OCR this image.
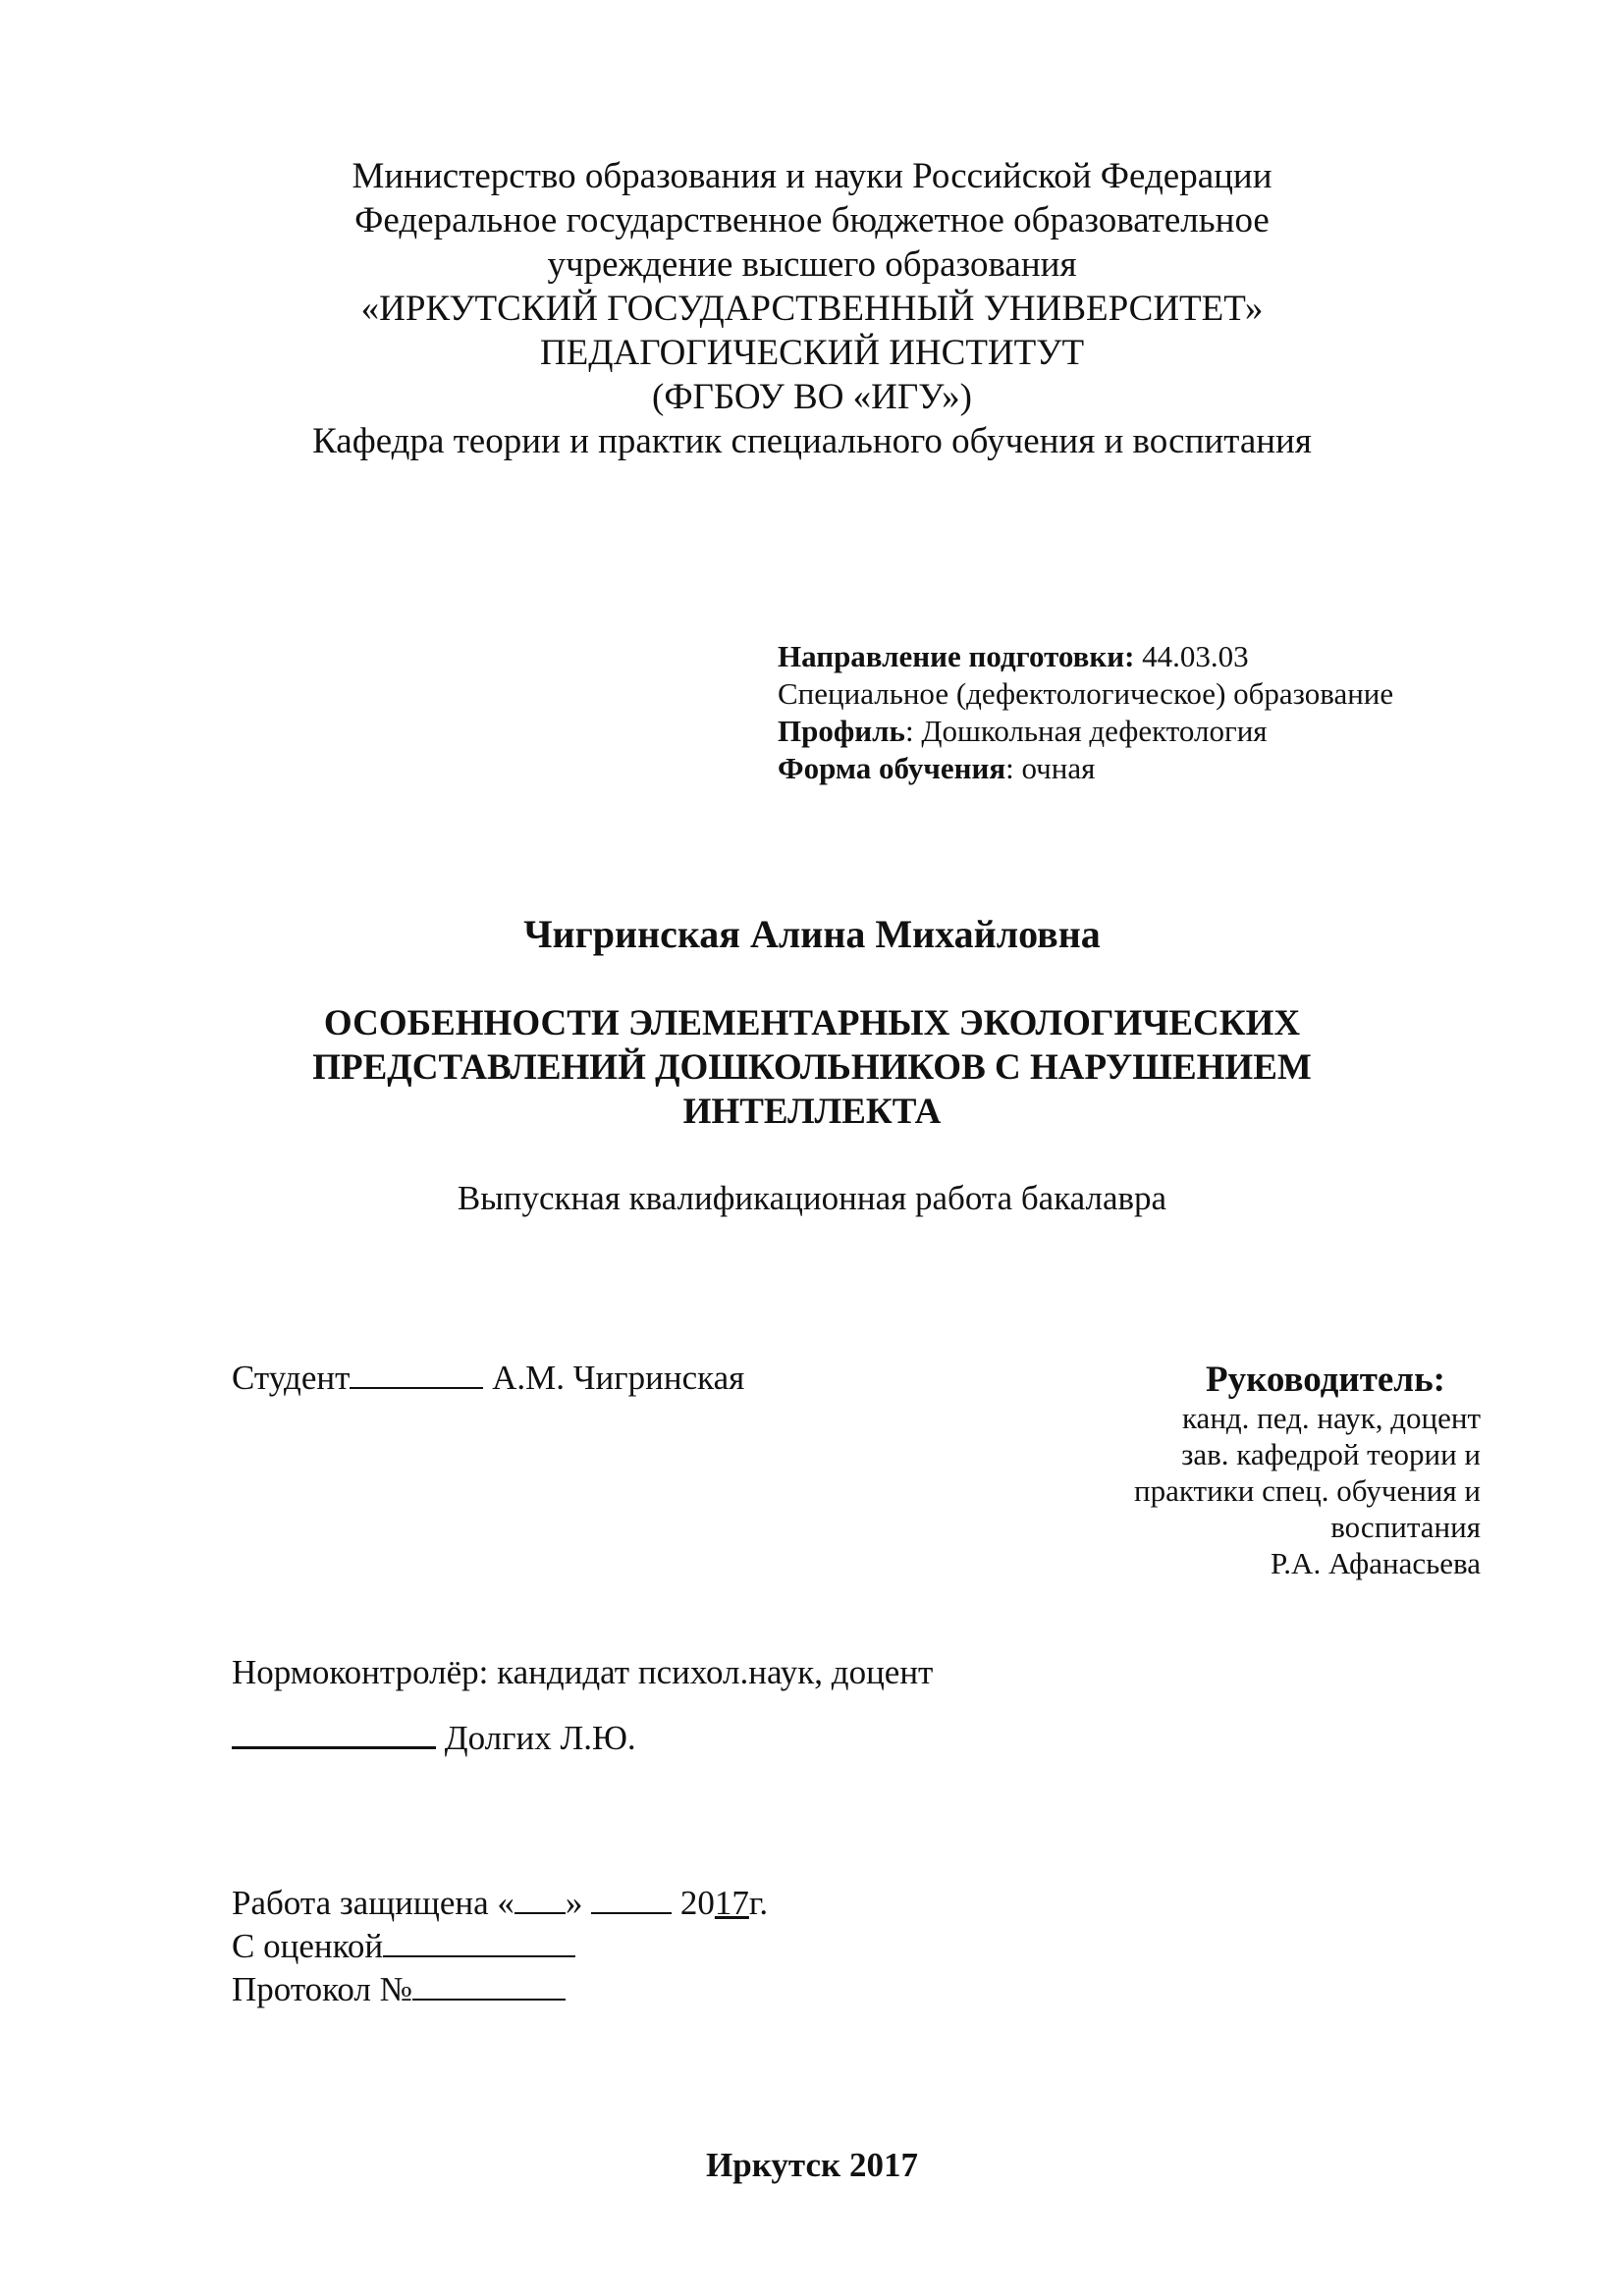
Министерство образования и науки Российской Федерации
Федеральное государственное бюджетное образовательное
учреждение высшего образования
«ИРКУТСКИЙ ГОСУДАРСТВЕННЫЙ УНИВЕРСИТЕТ»
ПЕДАГОГИЧЕСКИЙ ИНСТИТУТ
(ФГБОУ ВО «ИГУ»)
Кафедра теории и практик специального обучения и воспитания
Направление подготовки: 44.03.03
Специальное (дефектологическое) образование
Профиль: Дошкольная дефектология
Форма обучения: очная
Чигринская Алина Михайловна
ОСОБЕННОСТИ ЭЛЕМЕНТАРНЫХ ЭКОЛОГИЧЕСКИХ
ПРЕДСТАВЛЕНИЙ ДОШКОЛЬНИКОВ С НАРУШЕНИЕМ
ИНТЕЛЛЕКТА
Выпускная квалификационная работа бакалавра
Студент	А.М. Чигринская	Руководитель:
канд. пед. наук, доцент
зав. кафедрой теории и
практики спец. обучения и
воспитания
Р.А. Афанасьева
Нормоконтролёр: кандидат психол.наук, доцент
Долгих Л.Ю.
Работа защищена « »  2017г.
С оценкой
Протокол №
Иркутск 2017
